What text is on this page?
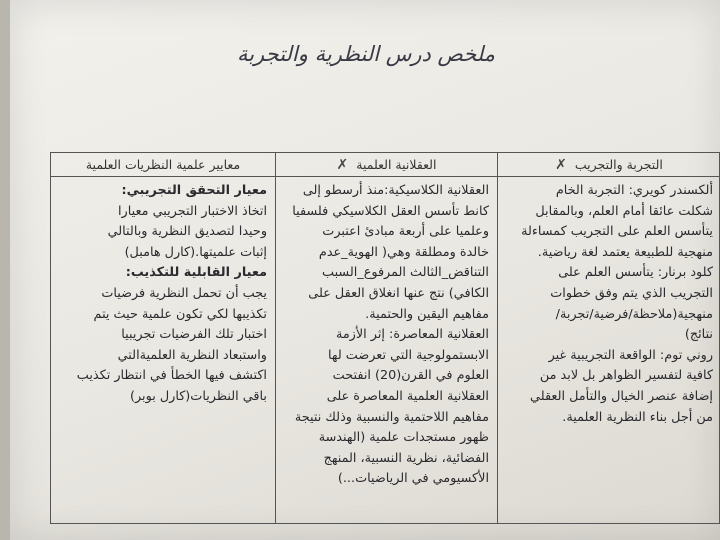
ملخص درس النظرية والتجربة
معايير علمية النظريات العلمية	العقلانية العلمية✗	التجربة والتجريب✗
معيار التحقق التجريبي:
اتخاذ الاختبار التجريبي معيارا
وحيدا لتصديق النظرية وبالتالي
إثبات علميتها.(كارل هامبل)
معيار القابلية للتكذيب:
يجب أن تحمل النظرية فرضيات
تكذيبها لكي تكون علمية حيث يتم
اختبار تلك الفرضيات تجريبيا
واستبعاد النظرية العلميةالتي
اكتشف فيها الخطأ في انتظار تكذيب
باقي النظريات(كارل بوبر)
العقلانية الكلاسيكية:منذ أرسطو إلى
كانط تأسس العقل الكلاسيكي فلسفيا
وعلميا على أربعة مبادئ اعتبرت
خالدة ومطلقة وهي( الهوية_عدم
التناقض_الثالث المرفوع_السبب
الكافي) نتج عنها انغلاق العقل على
مفاهيم اليقين والحتمية.
العقلانية المعاصرة: إثر الأزمة
الابستمولوجية التي تعرضت لها
العلوم في القرن(20) انفتحت
العقلانية العلمية المعاصرة على
مفاهيم اللاحتمية والنسبية وذلك نتيجة
ظهور مستجدات علمية (الهندسة
الفضائية، نظرية النسبية، المنهج
الأكسيومي في الرياضيات...)
ألكسندر كويري: التجربة الخام
شكلت عائقا أمام العلم، وبالمقابل
يتأسس العلم على التجريب كمساءلة
منهجية للطبيعة يعتمد لغة رياضية.
كلود برنار: يتأسس العلم على
التجريب الذي يتم وفق خطوات
منهجية(ملاحظة/فرضية/تجربة/
نتائج)
روني توم: الواقعة التجريبية غير
كافية لتفسير الظواهر بل لابد من
إضافة عنصر الخيال والتأمل العقلي
من أجل بناء النظرية العلمية.
